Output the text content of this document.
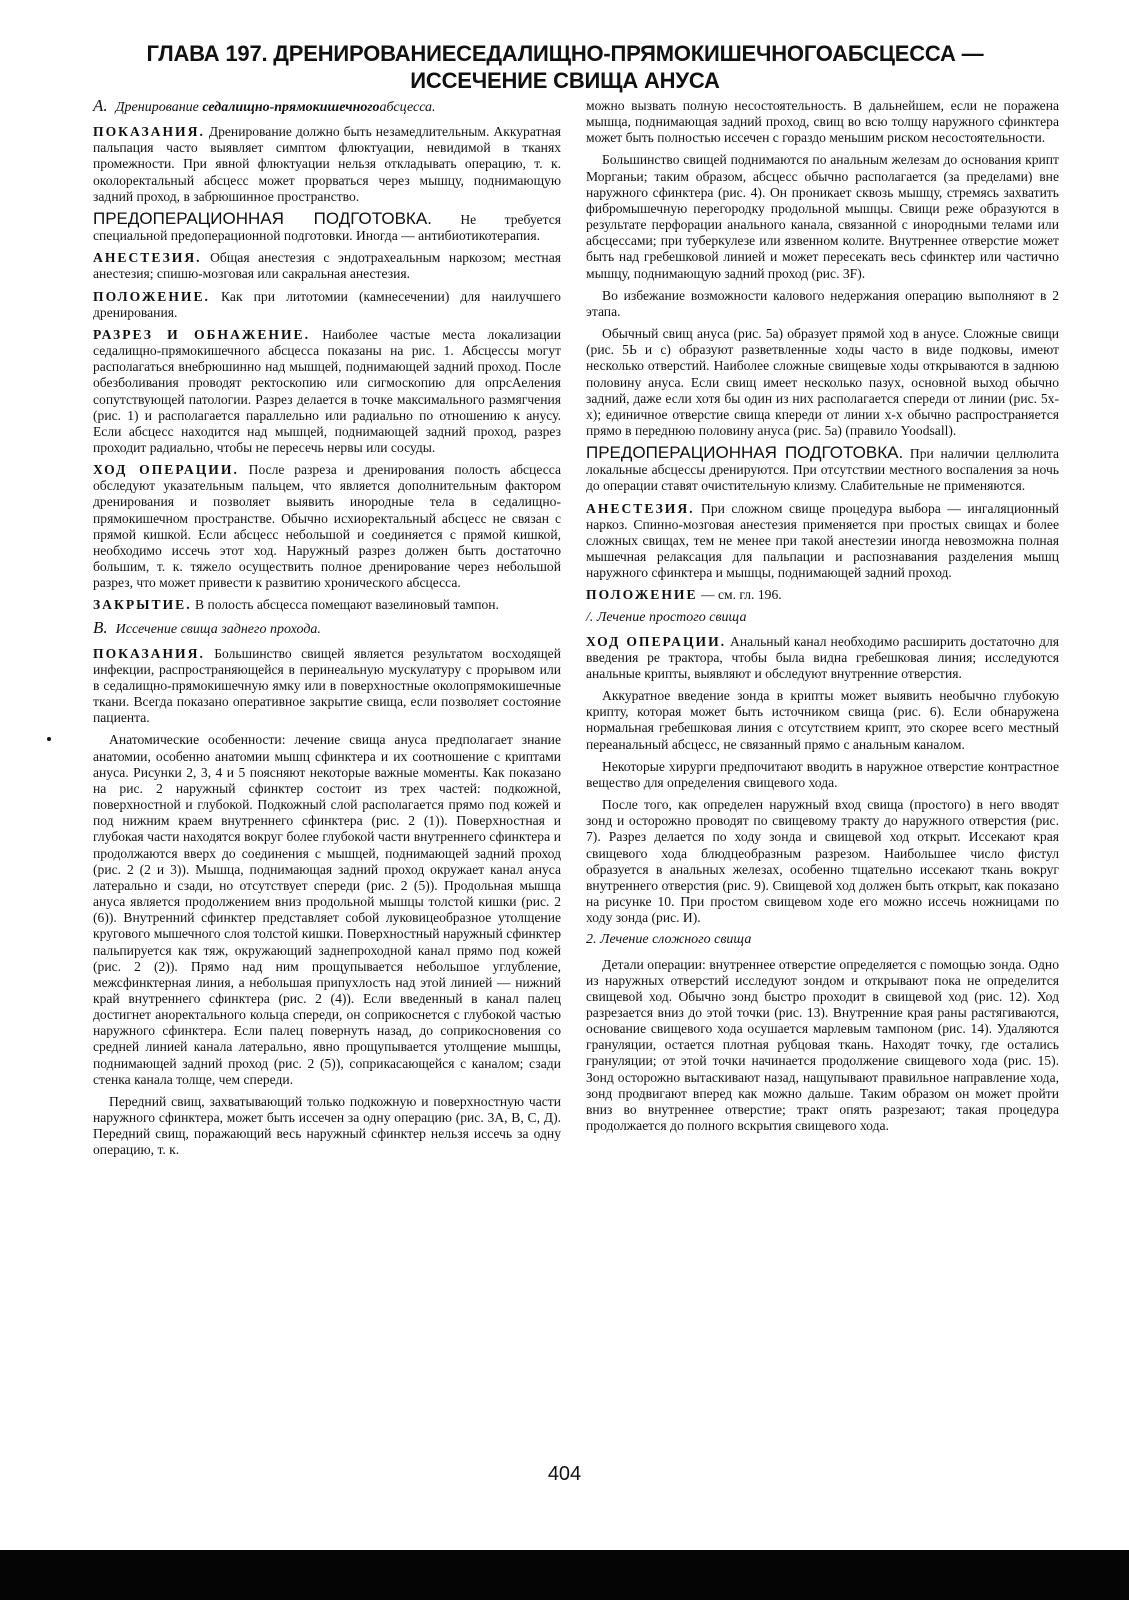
ГЛАВА 197. ДРЕНИРОВАНИЕСЕДАЛИЩНО-ПРЯМОКИШЕЧНОГОАБСЦЕССА —
ИССЕЧЕНИЕ СВИЩА АНУСА
А. Дренирование седалищно-прямокишечногоабсцесса.

ПОКАЗАНИЯ. Дренирование должно быть незамедлительным. Аккуратная пальпация часто выявляет симптом флюктуации, невидимой в тканях промежности. При явной флюктуации нельзя откладывать операцию, т. к. околоректальный абсцесс может прорваться через мышцу, поднимающую задний проход, в забрюшинное пространство.

ПРЕДОПЕРАЦИОННАЯ ПОДГОТОВКА. Не требуется специальной предоперационной подготовки. Иногда — антибиотикотерапия.

АНЕСТЕЗИЯ. Общая анестезия с эндотрахеальным наркозом; местная анестезия; спишю-мозговая или сакральная анестезия.

ПОЛОЖЕНИЕ. Как при литотомии (камнесечении) для наилучшего дренирования.

РАЗРЕЗ И ОБНАЖЕНИЕ. Наиболее частые места локализации седалищно-прямокишечного абсцесса показаны на рис. 1. Абсцессы могут располагаться внебрюшинно над мышцей, поднимающей задний проход. После обезболивания проводят ректоскопию или сигмоскопию для опрсАеления сопутствующей патологии. Разрез делается в точке максимального размягчения (рис. 1) и располагается параллельно или радиально по отношению к анусу. Если абсцесс находится над мышцей, поднимающей задний проход, разрез проходит радиально, чтобы не пересечь нервы или сосуды.

ХОД ОПЕРАЦИИ. После разреза и дренирования полость абсцесса обследуют указательным пальцем, что является дополнительным фактором дренирования и позволяет выявить инородные тела в седалищно-прямокишечном пространстве. Обычно исхиоректальный абсцесс не связан с прямой кишкой. Если абсцесс небольшой и соединяется с прямой кишкой, необходимо иссечь этот ход. Наружный разрез должен быть достаточно большим, т. к. тяжело осуществить полное дренирование через небольшой разрез, что может привести к развитию хронического абсцесса.

ЗАКРЫТИЕ. В полость абсцесса помещают вазелиновый тампон.

В. Иссечение свища заднего прохода.

ПОКАЗАНИЯ. Большинство свищей является результатом восходящей инфекции, распространяющейся в перинеальную мускулатуру с прорывом или в седалищно-прямокишечную ямку или в поверхностные околопрямокишечные ткани. Всегда показано оперативное закрытие свища, если позволяет состояние пациента.

Анатомические особенности: лечение свища ануса предполагает знание анатомии, особенно анатомии мышц сфинктера и их соотношение с криптами ануса. Рисунки 2, 3, 4 и 5 поясняют некоторые важные моменты. Как показано на рис. 2 наружный сфинктер состоит из трех частей: подкожной, поверхностной и глубокой. Подкожный слой располагается прямо под кожей и под нижним краем внутреннего сфинктера (рис. 2 (1)). Поверхностная и глубокая части находятся вокруг более глубокой части внутреннего сфинктера и продолжаются вверх до соединения с мышцей, поднимающей задний проход (рис. 2 (2 и 3)). Мышца, поднимающая задний проход окружает канал ануса латерально и сзади, но отсутствует спереди (рис. 2 (5)). Продольная мышца ануса является продолжением вниз продольной мышцы толстой кишки (рис. 2 (6)). Внутренний сфинктер представляет собой луковицеобразное утолщение кругового мышечного слоя толстой кишки. Поверхностный наружный сфинктер пальпируется как тяж, окружающий заднепроходной канал прямо под кожей (рис. 2 (2)). Прямо над ним прощупывается небольшое углубление, межсфинктерная линия, а небольшая припухлость над этой линией — нижний край внутреннего сфинктера (рис. 2 (4)). Если введенный в канал палец достигнет аноректального кольца спереди, он соприкоснется с глубокой частью наружного сфинктера. Если палец повернуть назад, до соприкосновения со средней линией канала латерально, явно прощупывается утолщение мышцы, поднимающей задний проход (рис. 2 (5)), соприкасающейся с каналом; сзади стенка канала толще, чем спереди.

Передний свищ, захватывающий только подкожную и поверхностную части наружного сфинктера, может быть иссечен за одну операцию (рис. 3А, В, С, Д). Передний свищ, поражающий весь наружный сфинктер нельзя иссечь за одну операцию, т. к.

можно вызвать полную несостоятельность. В дальнейшем, если не поражена мышца, поднимающая задний проход, свищ во всю толщу наружного сфинктера может быть полностью иссечен с гораздо меньшим риском несостоятельности.

Большинство свищей поднимаются по анальным железам до основания крипт Морганьи; таким образом, абсцесс обычно располагается (за пределами) вне наружного сфинктера (рис. 4). Он проникает сквозь мышцу, стремясь захватить фибромышечную перегородку продольной мышцы. Свищи реже образуются в результате перфорации анального канала, связанной с инородными телами или абсцессами; при туберкулезе или язвенном колите. Внутреннее отверстие может быть над гребешковой линией и может пересекать весь сфинктер или частично мышцу, поднимающую задний проход (рис. 3F).

Во избежание возможности калового недержания операцию выполняют в 2 этапа.

Обычный свищ ануса (рис. 5а) образует прямой ход в анусе. Сложные свищи (рис. 5Ь и с) образуют разветвленные ходы часто в виде подковы, имеют несколько отверстий. Наиболее сложные свищевые ходы открываются в заднюю половину ануса. Если свищ имеет несколько пазух, основной выход обычно задний, даже если хотя бы один из них располагается спереди от линии (рис. 5х-х); единичное отверстие свища кпереди от линии х-х обычно распространяется прямо в переднюю половину ануса (рис. 5а) (правило Yoodsall).

ПРЕДОПЕРАЦИОННАЯ ПОДГОТОВКА. При наличии целлюлита локальные абсцессы дренируются. При отсутствии местного воспаления за ночь до операции ставят очистительную клизму. Слабительные не применяются.

АНЕСТЕЗИЯ. При сложном свище процедура выбора — ингаляционный наркоз. Спинно-мозговая анестезия применяется при простых свищах и более сложных свищах, тем не менее при такой анестезии иногда невозможна полная мышечная релаксация для пальпации и распознавания разделения мышц наружного сфинктера и мышцы, поднимающей задний проход.

ПОЛОЖЕНИЕ — см. гл. 196.

/. Лечение простого свища

ХОД ОПЕРАЦИИ. Анальный канал необходимо расширить достаточно для введения ре трактора, чтобы была видна гребешковая линия; исследуются анальные крипты, выявляют и обследуют внутренние отверстия.

Аккуратное введение зонда в крипты может выявить необычно глубокую крипту, которая может быть источником свища (рис. 6). Если обнаружена нормальная гребешковая линия с отсутствием крипт, это скорее всего местный переанальный абсцесс, не связанный прямо с анальным каналом.

Некоторые хирурги предпочитают вводить в наружное отверстие контрастное вещество для определения свищевого хода.

После того, как определен наружный вход свища (простого) в него вводят зонд и осторожно проводят по свищевому тракту до наружного отверстия (рис. 7). Разрез делается по ходу зонда и свищевой ход открыт. Иссекают края свищевого хода блюдцеобразным разрезом. Наибольшее число фистул образуется в анальных железах, особенно тщательно иссекают ткань вокруг внутреннего отверстия (рис. 9). Свищевой ход должен быть открыт, как показано на рисунке 10. При простом свищевом ходе его можно иссечь ножницами по ходу зонда (рис. И).

2. Лечение сложного свища

Детали операции: внутреннее отверстие определяется с помощью зонда. Одно из наружных отверстий исследуют зондом и открывают пока не определится свищевой ход. Обычно зонд быстро проходит в свищевой ход (рис. 12). Ход разрезается вниз до этой точки (рис. 13). Внутренние края раны растягиваются, основание свищевого хода осушается марлевым тампоном (рис. 14). Удаляются грануляции, остается плотная рубцовая ткань. Находят точку, где остались грануляции; от этой точки начинается продолжение свищевого хода (рис. 15). Зонд осторожно вытаскивают назад, нащупывают правильное направление хода, зонд продвигают вперед как можно дальше. Таким образом он может пройти вниз во внутреннее отверстие; тракт опять разрезают; такая процедура продолжается до полного вскрытия свищевого хода.

404
